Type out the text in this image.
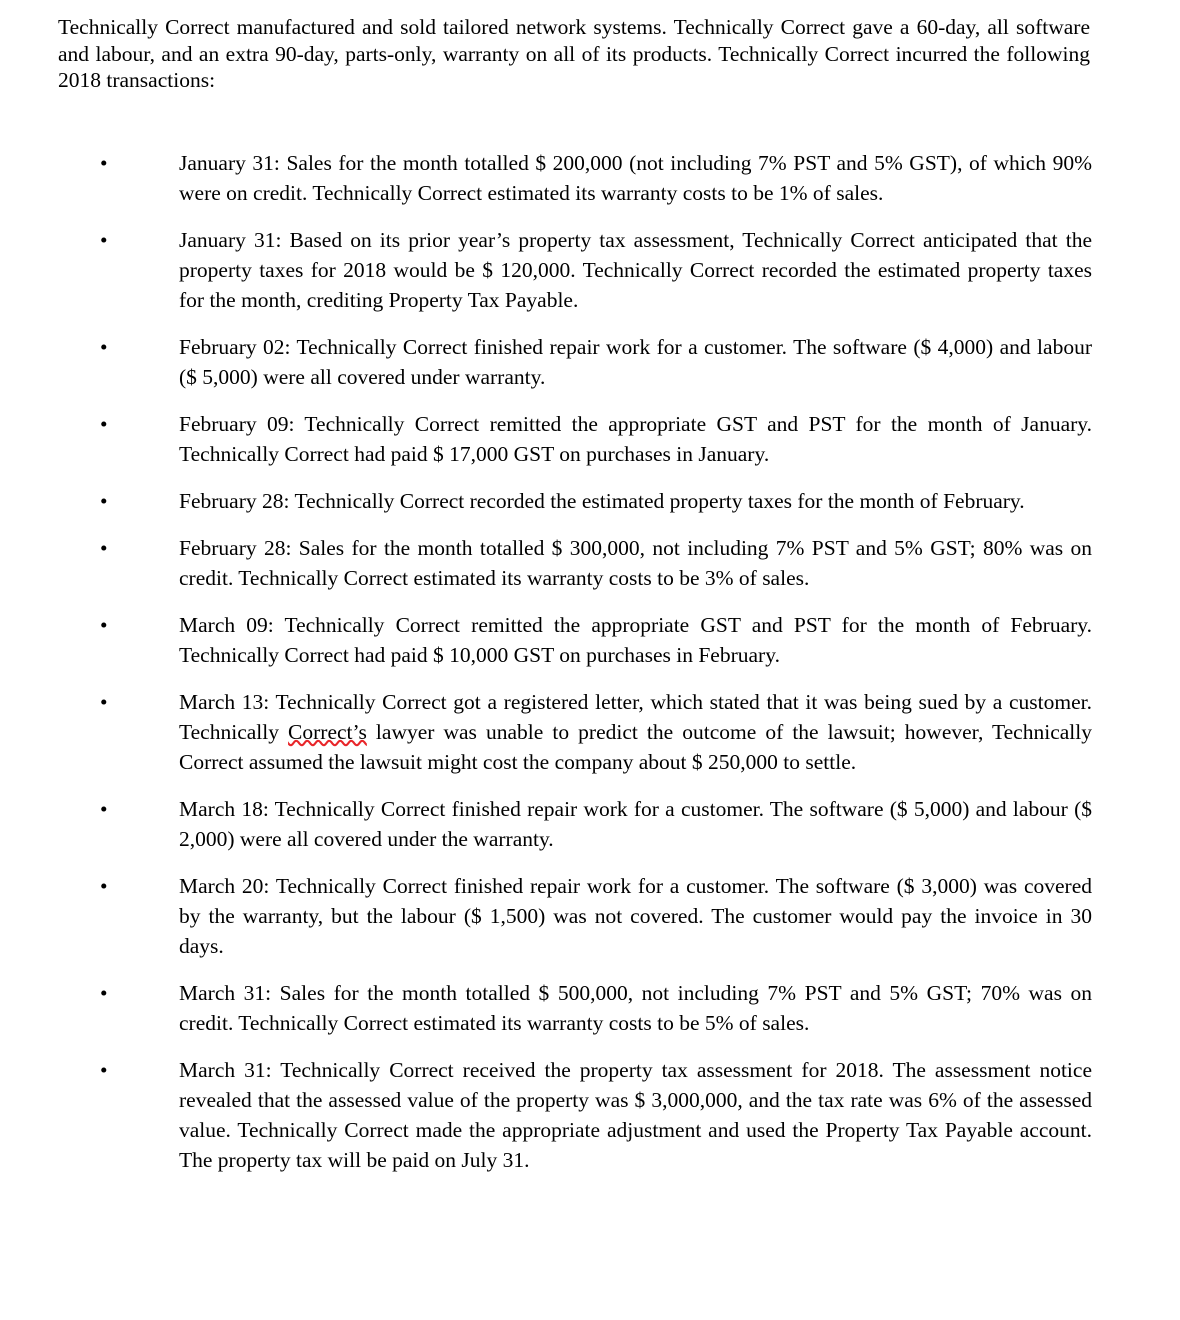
Technically Correct manufactured and sold tailored network systems. Technically Correct gave a 60-day, all software and labour, and an extra 90-day, parts-only, warranty on all of its products. Technically Correct incurred the following 2018 transactions:

•	January 31: Sales for the month totalled $ 200,000 (not including 7% PST and 5% GST), of which 90% were on credit. Technically Correct estimated its warranty costs to be 1% of sales.
•	January 31: Based on its prior year’s property tax assessment, Technically Correct anticipated that the property taxes for 2018 would be $ 120,000. Technically Correct recorded the estimated property taxes for the month, crediting Property Tax Payable.
•	February 02: Technically Correct finished repair work for a customer. The software ($ 4,000) and labour ($ 5,000) were all covered under warranty.
•	February 09: Technically Correct remitted the appropriate GST and PST for the month of January. Technically Correct had paid $ 17,000 GST on purchases in January.
•	February 28: Technically Correct recorded the estimated property taxes for the month of February.
•	February 28: Sales for the month totalled $ 300,000, not including 7% PST and 5% GST; 80% was on credit. Technically Correct estimated its warranty costs to be 3% of sales.
•	March 09: Technically Correct remitted the appropriate GST and PST for the month of February. Technically Correct had paid $ 10,000 GST on purchases in February.
•	March 13: Technically Correct got a registered letter, which stated that it was being sued by a customer. Technically Correct’s lawyer was unable to predict the outcome of the lawsuit; however, Technically Correct assumed the lawsuit might cost the company about $ 250,000 to settle.
•	March 18: Technically Correct finished repair work for a customer. The software ($ 5,000) and labour ($ 2,000) were all covered under the warranty.
•	March 20: Technically Correct finished repair work for a customer. The software ($ 3,000) was covered by the warranty, but the labour ($ 1,500) was not covered. The customer would pay the invoice in 30 days.
•	March 31: Sales for the month totalled $ 500,000, not including 7% PST and 5% GST; 70% was on credit. Technically Correct estimated its warranty costs to be 5% of sales.
•	March 31: Technically Correct received the property tax assessment for 2018. The assessment notice revealed that the assessed value of the property was $ 3,000,000, and the tax rate was 6% of the assessed value. Technically Correct made the appropriate adjustment and used the Property Tax Payable account. The property tax will be paid on July 31.
